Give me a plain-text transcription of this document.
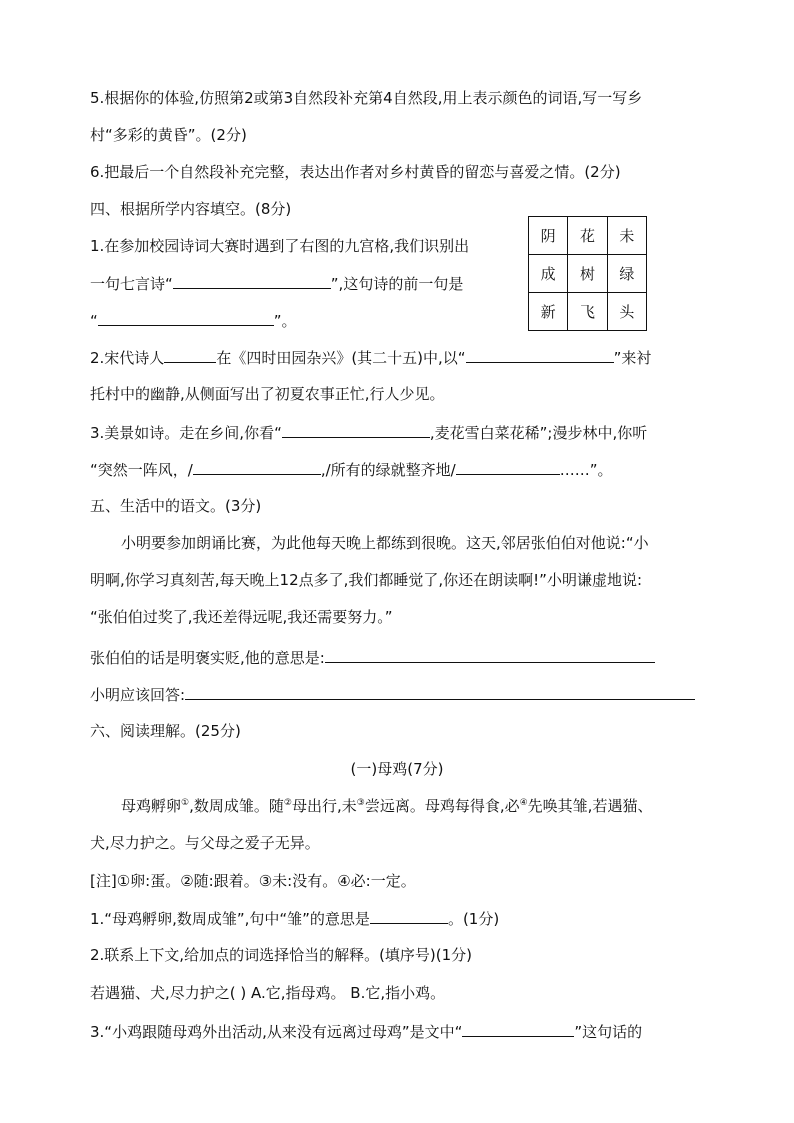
5.根据你的体验,仿照第2或第3自然段补充第4自然段,用上表示颜色的词语,写一写乡
村“多彩的黄昏”。(2分)
6.把最后一个自然段补充完整，表达出作者对乡村黄昏的留恋与喜爱之情。(2分)
四、根据所学内容填空。(8分)
1.在参加校园诗词大赛时遇到了右图的九宫格,我们识别出
一句七言诗“	”,这句诗的前一句是
“	”。
阴	花	未
成	树	绿
新	飞	头
2.宋代诗人	在《四时田园杂兴》(其二十五)中,以“	”来衬
托村中的幽静,从侧面写出了初夏农事正忙,行人少见。
3.美景如诗。走在乡间,你看“	,麦花雪白菜花稀”;漫步林中,你听
“突然一阵风，/	,/所有的绿就整齐地/	……”。
五、生活中的语文。(3分)
小明要参加朗诵比赛，为此他每天晚上都练到很晚。这天,邻居张伯伯对他说:“小
明啊,你学习真刻苦,每天晚上12点多了,我们都睡觉了,你还在朗读啊!”小明谦虚地说:
“张伯伯过奖了,我还差得远呢,我还需要努力。”
张伯伯的话是明褒实贬,他的意思是:
小明应该回答:
六、阅读理解。(25分)
(一)母鸡(7分)
母鸡孵卵①,数周成雏。随②母出行,未③尝远离。母鸡每得食,必④先唤其雏,若遇猫、
犬,尽力护之。与父母之爱子无异。
[注]①卵:蛋。②随:跟着。③未:没有。④必:一定。
1.“母鸡孵卵,数周成雏”,句中“雏”的意思是	。(1分)
2.联系上下文,给加点的词选择恰当的解释。(填序号)(1分)
若遇猫、犬,尽力护之( ) A.它,指母鸡。 B.它,指小鸡。
3.“小鸡跟随母鸡外出活动,从来没有远离过母鸡”是文中“	”这句话的
